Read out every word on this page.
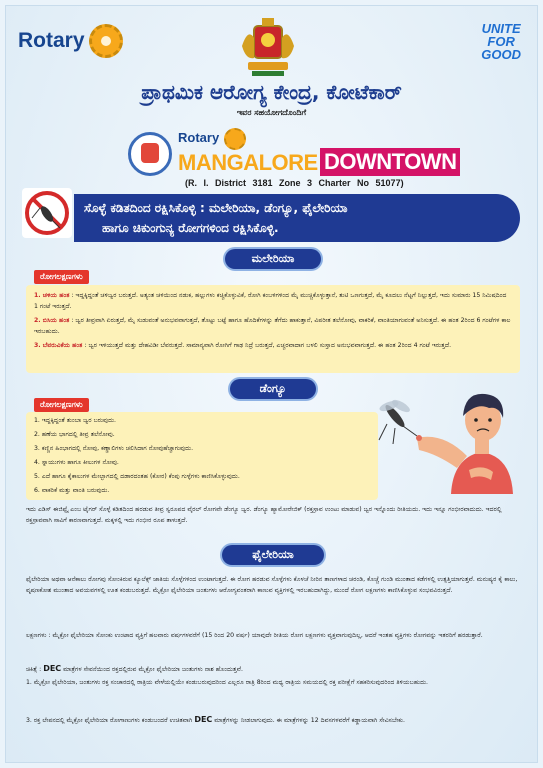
Rotary
UNITE
FOR
GOOD
ಪ್ರಾಥಮಿಕ ಆರೋಗ್ಯ ಕೇಂದ್ರ, ಕೋಟೆಕಾರ್
ಇವರ ಸಹಯೋಗದೊಂದಿಗೆ
Rotary
MANGALORE DOWNTOWN
(R. I. District 3181 Zone 3 Charter No 51077)
ಸೊಳ್ಳೆ ಕಡಿತದಿಂದ ರಕ್ಷಿಸಿಕೊಳ್ಳಿ : ಮಲೇರಿಯಾ, ಡೆಂಗ್ಯೂ, ಫೈಲೇರಿಯಾ
ಹಾಗೂ ಚಿಕುಂಗುನ್ಯ ರೋಗಗಳಿಂದ ರಕ್ಷಿಸಿಕೊಳ್ಳಿ.
ಮಲೇರಿಯಾ
ರೋಗಲಕ್ಷಣಗಳು
1. ಚಳಿಯ ಹಂತ : ಇದ್ದಕ್ಕಿದ್ದಂತೆ ಚಳಿಜ್ವರ ಬರುತ್ತದೆ. ಅತ್ಯಂತ ಚಳಿಯಿಂದ ನಡುಕ, ಹಲ್ಲುಗಳು ಕಚ್ಚಿಕೊಳ್ಳುವಿಕೆ, ರೋಗಿ ಕಂಬಳಿಗಳಿಂದ ಮೈ ಮುಚ್ಚಿಕೊಳ್ಳುತ್ತಾನೆ, ತುಟಿ ಒಣಗುತ್ತದೆ, ಮೈ ಕೂದಲು ನೆಟ್ಟಗೆ ನಿಲ್ಲುತ್ತದೆ, ಇದು ಸುಮಾರು 15 ನಿಮಿಷದಿಂದ 1 ಗಂಟೆ ಇರುತ್ತದೆ.
2. ಬಿಸಿಯ ಹಂತ : ಜ್ವರ ತೀವ್ರವಾಗಿ ಏರುತ್ತದೆ, ಮೈ ಸುಡುವಂತೆ ಅನುಭವವಾಗುತ್ತದೆ, ತೊಟ್ಟು ಬಟ್ಟೆ ಹಾಗೂ ಹೊದಿಕೆಗಳನ್ನು ತೆಗೆದು ಹಾಕುತ್ತಾನೆ, ವಿಪರೀತ ತಲೆನೋವು, ವಾಕರಿಕೆ, ವಾಂತಿಯಾಗುವಂತೆ ಅನಿಸುತ್ತದೆ. ಈ ಹಂತ 2ರಿಂದ 6 ಗಂಟೆಗಳ ಕಾಲ ಇರಬಹುದು.
3. ಬೆವರುವಿಕೆಯ ಹಂತ : ಜ್ವರ ಇಳಿಯುತ್ತದೆ ಮತ್ತು ದೇಹವಿಡೀ ಬೆವರುತ್ತದೆ. ಸಾಮಾನ್ಯವಾಗಿ ರೋಗಿಗೆ ಗಾಢ ನಿದ್ರೆ ಬರುತ್ತದೆ, ಎಚ್ಚರವಾದಾಗ ಬಳಲಿ ಸುಸ್ತಾದ ಅನುಭವವಾಗುತ್ತದೆ. ಈ ಹಂತ 2ರಿಂದ 4 ಗಂಟೆ ಇರುತ್ತದೆ.
ಡೆಂಗ್ಯೂ
ರೋಗಲಕ್ಷಣಗಳು
1. ಇದ್ದಕ್ಕಿದ್ದಂತೆ ತುಂಬಾ ಜ್ವರ ಬರುವುದು.
2. ಹಣೆಯ ಭಾಗದಲ್ಲಿ ತೀವ್ರ ತಲೆನೋವು.
3. ಕಣ್ಣಿನ ಹಿಂಭಾಗದಲ್ಲಿ ನೋವು, ಕಣ್ಣಾಲಿಗಳು ಚಲಿಸಿದಾಗ ನೋವುಹೆಚ್ಚಾಗುವುದು.
4. ಸ್ನಾಯುಗಳು ಹಾಗೂ ಕೀಲುಗಳ ನೋವು.
5. ಎದೆ ಹಾಗೂ ಕೈಕಾಲುಗಳ ಮೇಲ್ಭಾಗದಲ್ಲಿ ದಡಾರದಂತಹ (ಕೋರ) ಕೆಂಪು ಗುಳ್ಳೆಗಳು ಕಾಣಿಸಿಕೊಳ್ಳುವುದು.
6. ವಾಕರಿಕೆ ಮತ್ತು ವಾಂತಿ ಬರುವುದು.
ಇದು ಎಡಿಸ್ ಈಜಿಪ್ಟೈ ಎಂಬ ಟೈಗರ್ ಸೊಳ್ಳೆ ಕಡಿತದಿಂದ ಹರಡುವ ತೀವ್ರ ಸ್ವರೂಪದ ವೈರಲ್ ರೋಗವೇ ಡೆಂಗ್ಯೂ ಜ್ವರ. ಡೆಂಗ್ಯೂ ಹ್ಯಾಮೋರೇಜಿಕ್ (ರಕ್ತಸ್ರಾವ ಉಂಟು ಮಾಡುವ) ಜ್ವರ ಇನ್ನೊಂದು ರೀತಿಯದು. ಇದು ಇನ್ನೂ ಗಂಭೀರವಾದುದು. ಇದರಲ್ಲಿ ರಕ್ತಸ್ರಾವವಾಗಿ ಸಾವಿಗೆ ಕಾರಣವಾಗುತ್ತದೆ. ಮಕ್ಕಳಲ್ಲಿ ಇದು ಗಂಭೀರ ರೂಪ ತಾಳುತ್ತದೆ.
ಫೈಲೇರಿಯಾ
ಫೈಲೇರಿಯಾ ಅಥವಾ ಆನೆಕಾಲು ರೋಗವು ಸೋಂಕಿರುವ ಕ್ಯೂಲೆಕ್ಸ್ ಜಾತಿಯ ಸೊಳ್ಳೆಗಳಿಂದ ಉಂಟಾಗುತ್ತದೆ. ಈ ರೋಗ ಹರಡುವ ಸೊಳ್ಳೆಗಳು ಕೊಳಚೆ ನೀರಿನ ತಾಣಗಳಾದ ಚರಂಡಿ, ಕೊಚ್ಚೆ ಗುಂಡಿ ಮುಂತಾದ ಕಡೆಗಳಲ್ಲಿ ಉತ್ಪತ್ತಿಯಾಗುತ್ತವೆ. ಮನುಷ್ಯರ ಕೈ ಕಾಲು, ವೃಷಣಕೋಶ ಮುಂತಾದ ಅವಯವಗಳಲ್ಲಿ ಊತ ಕಂಡುಬರುತ್ತದೆ. ಮೈಕ್ರೋ ಫೈಲೇರಿಯಾ ಜಂತುಗಳು ಆರೋಗ್ಯವಂತರಾಗಿ ಕಾಣುವ ವ್ಯಕ್ತಿಗಳಲ್ಲಿ ಇರಬಹುದಾಗಿದ್ದು, ಮುಂದೆ ರೋಗ ಲಕ್ಷಣಗಳು ಕಾಣಿಸಿಕೊಳ್ಳುವ ಸಂಭವವಿರುತ್ತದೆ.
ಲಕ್ಷಣಗಳು : ಮೈಕ್ರೋ ಫೈಲೇರಿಯಾ ಸೋಂಕು ಉಂಟಾದ ವ್ಯಕ್ತಿಗೆ ಹಲವಾರು ವರ್ಷಗಳವರೆಗೆ (15 ರಿಂದ 20 ವರ್ಷ) ಯಾವುದೇ ರೀತಿಯ ರೋಗ ಲಕ್ಷಣಗಳು ವ್ಯಕ್ತವಾಗುವುದಿಲ್ಲ, ಆದರೆ ಇಂತಹ ವ್ಯಕ್ತಿಗಳು ರೋಗವನ್ನು ಇತರರಿಗೆ ಹರಡುತ್ತಾರೆ.
ಚಿಕಿತ್ಸೆ : DEC ಮಾತ್ರೆಗಳ ಸೇವನೆಯಿಂದ ರಕ್ತದಲ್ಲಿರುವ ಮೈಕ್ರೋ ಫೈಲೇರಿಯಾ ಜಂತುಗಳು ನಾಶ ಹೊಂದುತ್ತವೆ.
1. ಮೈಕ್ರೋ ಫೈಲೇರಿಯಾ, ಜಂತುಗಳು ರಕ್ತ ಸಂಚಾರದಲ್ಲಿ ರಾತ್ರಿಯ ವೇಳೆಯಲ್ಲಿಯೇ ಕಂಡುಬರುವುದರಿಂದ ಎಲ್ಲರೂ ರಾತ್ರಿ 8ರಿಂದ ಮಧ್ಯ ರಾತ್ರಿಯ ಸಮಯದಲ್ಲಿ ರಕ್ತ ಪರೀಕ್ಷೆಗೆ ಸಹಕರಿಸುವುದರಿಂದ ತಿಳಿಯಬಹುದು.
3. ರಕ್ತ ಲೇಪನದಲ್ಲಿ ಮೈಕ್ರೋ ಫೈಲೇರಿಯಾ ರೋಗಾಣುಗಳು ಕಂಡುಬಂದರೆ ಉಚಿತವಾಗಿ DEC ಮಾತ್ರೆಗಳನ್ನು ನೀಡಲಾಗುವುದು. ಈ ಮಾತ್ರೆಗಳನ್ನು 12 ದಿವಸಗಳವರೆಗೆ ಕಡ್ಡಾಯವಾಗಿ ಸೇವಿಸಬೇಕು.
